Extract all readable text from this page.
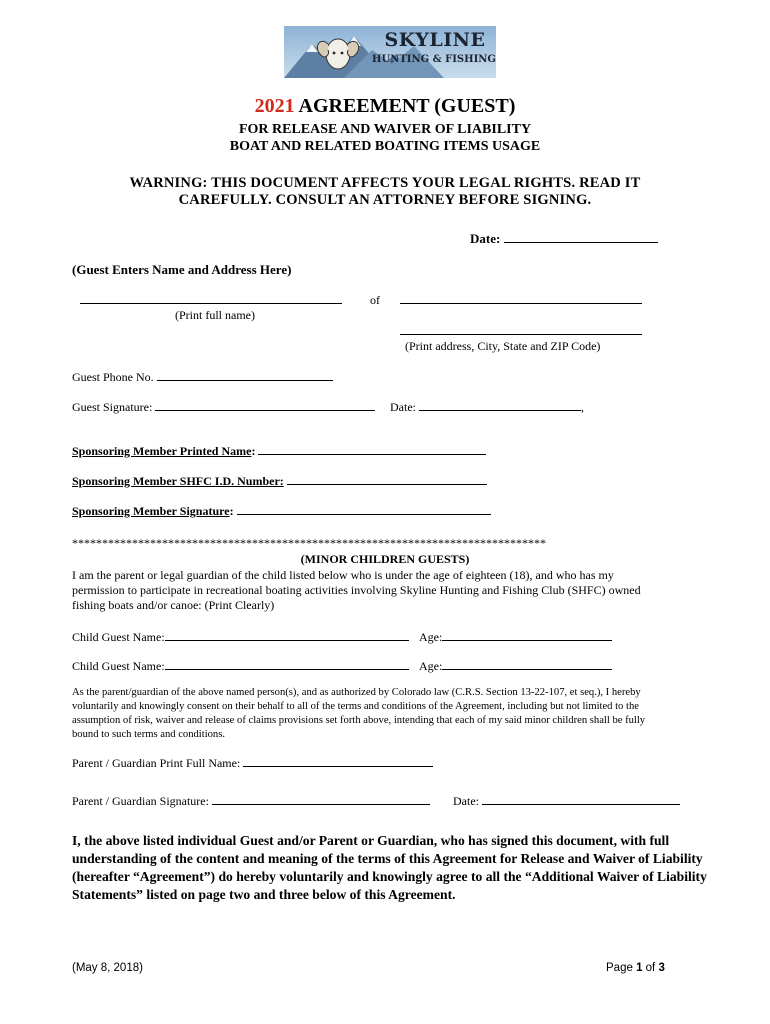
SKYLINE
HUNTING & FISHING
2021 AGREEMENT (GUEST)
FOR RELEASE AND WAIVER OF LIABILITY
BOAT AND RELATED BOATING ITEMS USAGE
WARNING: THIS DOCUMENT AFFECTS YOUR LEGAL RIGHTS. READ IT
CAREFULLY. CONSULT AN ATTORNEY BEFORE SIGNING.
Date:
(Guest Enters Name and Address Here)
of
(Print full name)
(Print address, City, State and ZIP Code)
Guest Phone No.
Guest Signature:	Date:	,
Sponsoring Member Printed Name:
Sponsoring Member SHFC I.D. Number:
Sponsoring Member Signature:
*******************************************************************************
(MINOR CHILDREN GUESTS)
I am the parent or legal guardian of the child listed below who is under the age of eighteen (18), and who has my
permission to participate in recreational boating activities involving Skyline Hunting and Fishing Club (SHFC) owned
fishing boats and/or canoe: (Print Clearly)
Child Guest Name:	Age:
Child Guest Name:	Age:
As the parent/guardian of the above named person(s), and as authorized by Colorado law (C.R.S. Section 13-22-107, et seq.), I hereby
voluntarily and knowingly consent on their behalf to all of the terms and conditions of the Agreement, including but not limited to the
assumption of risk, waiver and release of claims provisions set forth above, intending that each of my said minor children shall be fully
bound to such terms and conditions.
Parent / Guardian Print Full Name:
Parent / Guardian Signature:	Date:
I, the above listed individual Guest and/or Parent or Guardian, who has signed this document, with full
understanding of the content and meaning of the terms of this Agreement for Release and Waiver of Liability
(hereafter “Agreement”) do hereby voluntarily and knowingly agree to all the “Additional Waiver of Liability
Statements” listed on page two and three below of this Agreement.
(May 8, 2018)	Page 1 of 3
